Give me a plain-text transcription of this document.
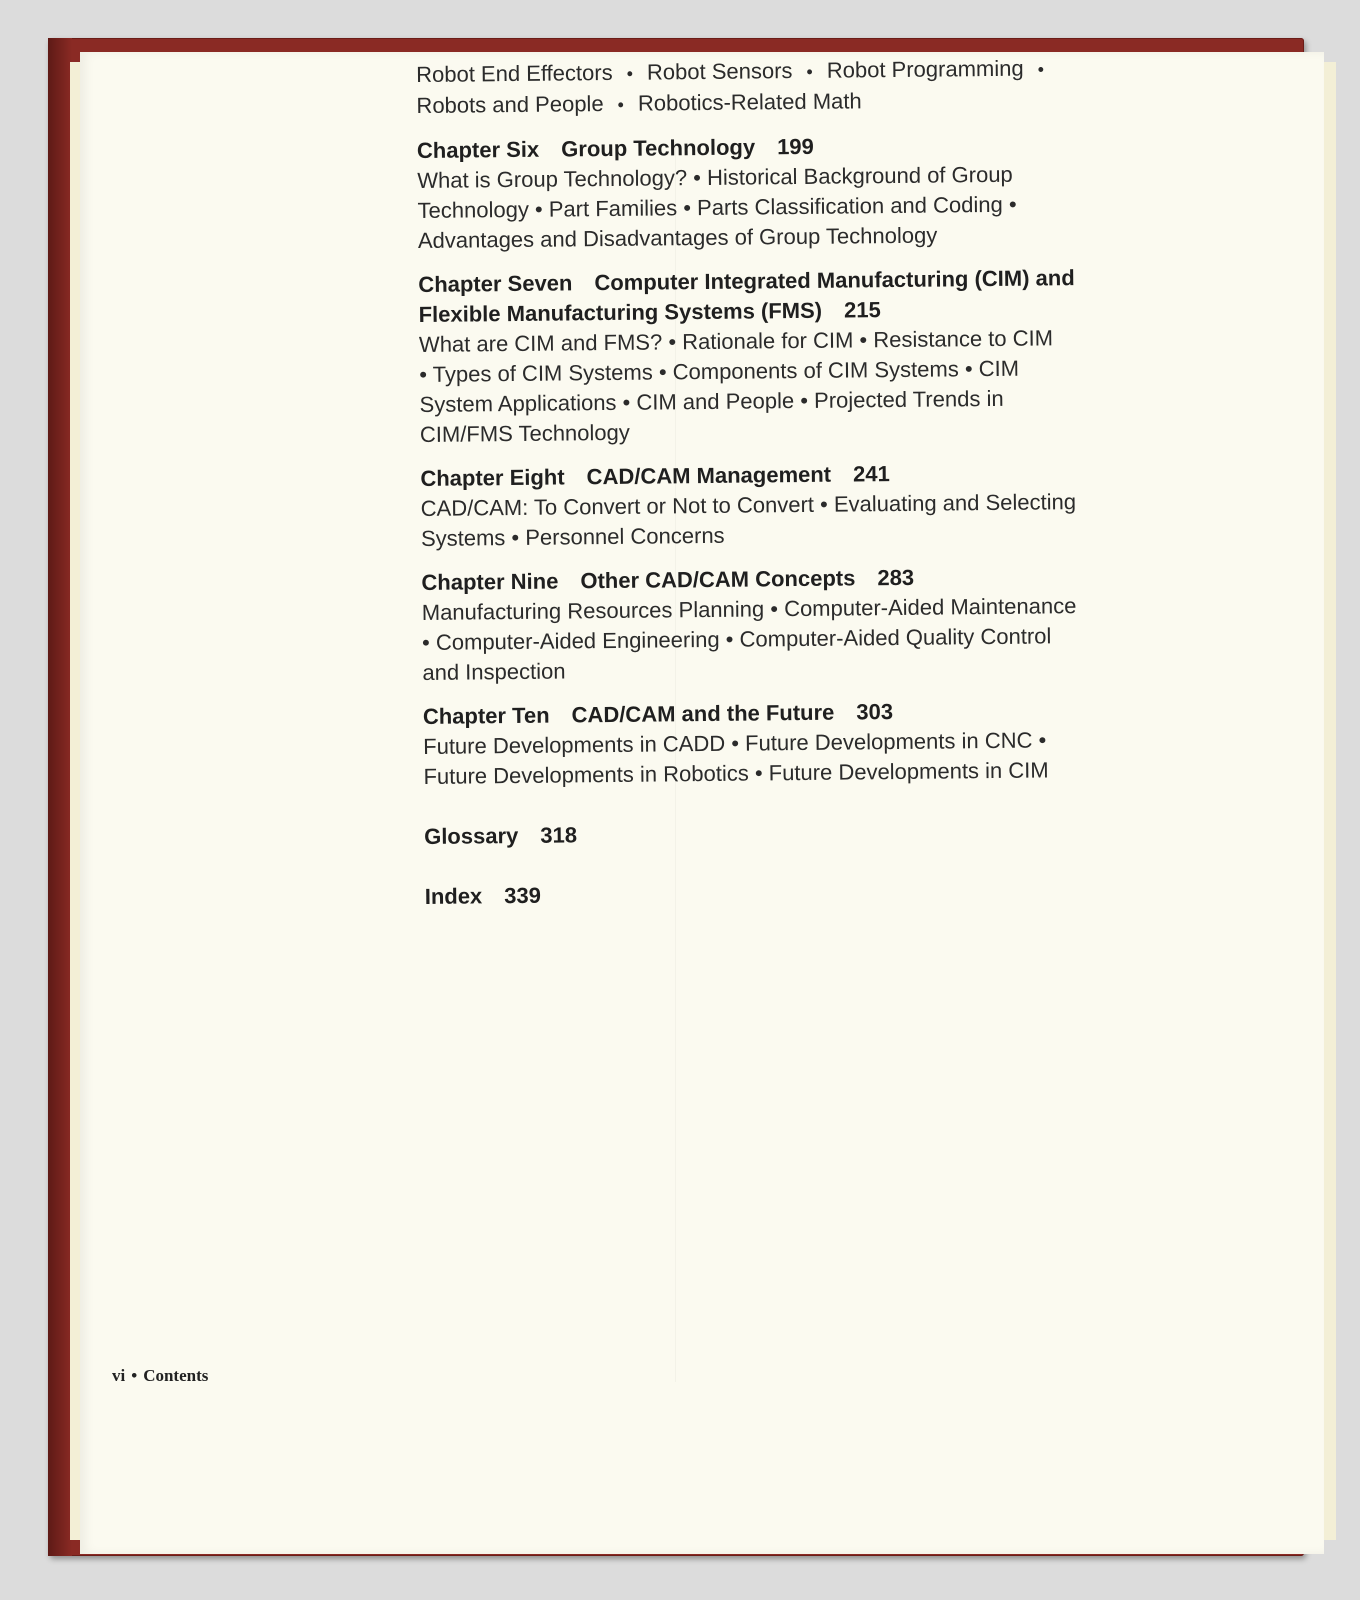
Robot End Effectors • Robot Sensors • Robot Programming •

Robots and People • Robotics-Related Math

Chapter Six Group Technology 199

What is Group Technology? • Historical Background of Group

Technology • Part Families • Parts Classification and Coding •

Advantages and Disadvantages of Group Technology

Chapter Seven Computer Integrated Manufacturing (CIM) and

Flexible Manufacturing Systems (FMS) 215

What are CIM and FMS? • Rationale for CIM • Resistance to CIM

• Types of CIM Systems • Components of CIM Systems • CIM

System Applications • CIM and People • Projected Trends in

CIM/FMS Technology

Chapter Eight CAD/CAM Management 241

CAD/CAM: To Convert or Not to Convert • Evaluating and Selecting

Systems • Personnel Concerns

Chapter Nine Other CAD/CAM Concepts 283

Manufacturing Resources Planning • Computer-Aided Maintenance

• Computer-Aided Engineering • Computer-Aided Quality Control

and Inspection

Chapter Ten CAD/CAM and the Future 303

Future Developments in CADD • Future Developments in CNC •

Future Developments in Robotics • Future Developments in CIM

Glossary 318

Index 339

vi • Contents
